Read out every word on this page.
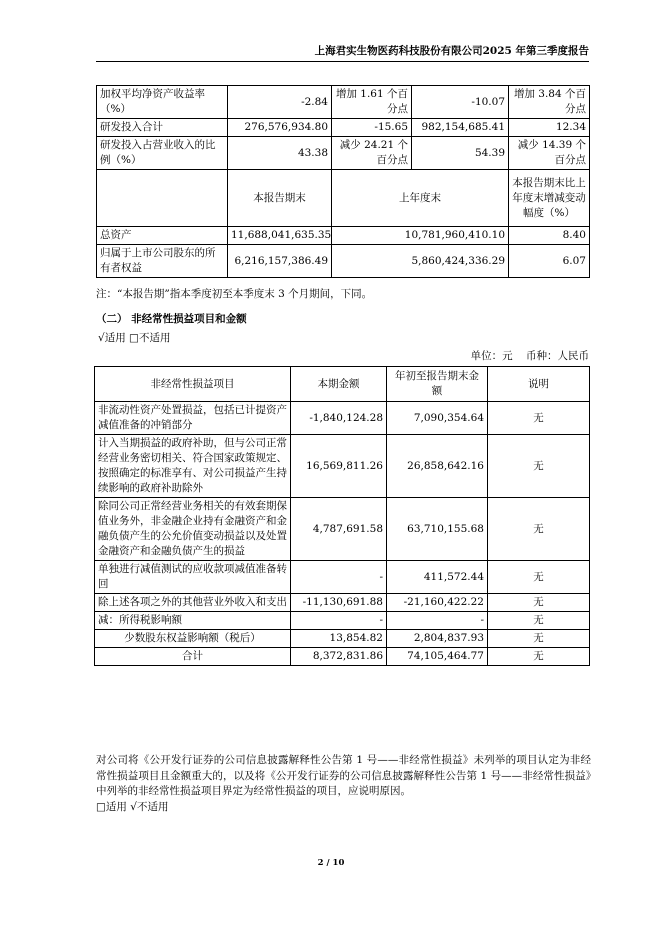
上海君实生物医药科技股份有限公司2025 年第三季度报告
加权平均净资产收益率（%）	-2.84	增加 1.61 个百分点	-10.07	增加 3.84 个百分点
研发投入合计	276,576,934.80	-15.65	982,154,685.41	12.34
研发投入占营业收入的比例（%）	43.38	减少 24.21 个百分点	54.39	减少 14.39 个百分点
	本报告期末	上年度末		本报告期末比上年度末增减变动幅度（%）
总资产	11,688,041,635.35	10,781,960,410.10		8.40
归属于上市公司股东的所有者权益	6,216,157,386.49	5,860,424,336.29		6.07
注：“本报告期”指本季度初至本季度末 3 个月期间，下同。
（二） 非经常性损益项目和金额
√适用 □不适用
单位：元    币种：人民币
非经常性损益项目	本期金额	年初至报告期末金额	说明
非流动性资产处置损益，包括已计提资产减值准备的冲销部分	-1,840,124.28	7,090,354.64	无
计入当期损益的政府补助，但与公司正常经营业务密切相关、符合国家政策规定、按照确定的标准享有、对公司损益产生持续影响的政府补助除外	16,569,811.26	26,858,642.16	无
除同公司正常经营业务相关的有效套期保值业务外，非金融企业持有金融资产和金融负债产生的公允价值变动损益以及处置金融资产和金融负债产生的损益	4,787,691.58	63,710,155.68	无
单独进行减值测试的应收款项减值准备转回	-	411,572.44	无
除上述各项之外的其他营业外收入和支出	-11,130,691.88	-21,160,422.22	无
减：所得税影响额	-	-	无
少数股东权益影响额（税后）	13,854.82	2,804,837.93	无
合计	8,372,831.86	74,105,464.77	无
对公司将《公开发行证券的公司信息披露解释性公告第 1 号——非经常性损益》未列举的项目认定为非经常性损益项目且金额重大的，以及将《公开发行证券的公司信息披露解释性公告第 1 号——非经常性损益》中列举的非经常性损益项目界定为经常性损益的项目，应说明原因。
□适用 √不适用
2 / 10
